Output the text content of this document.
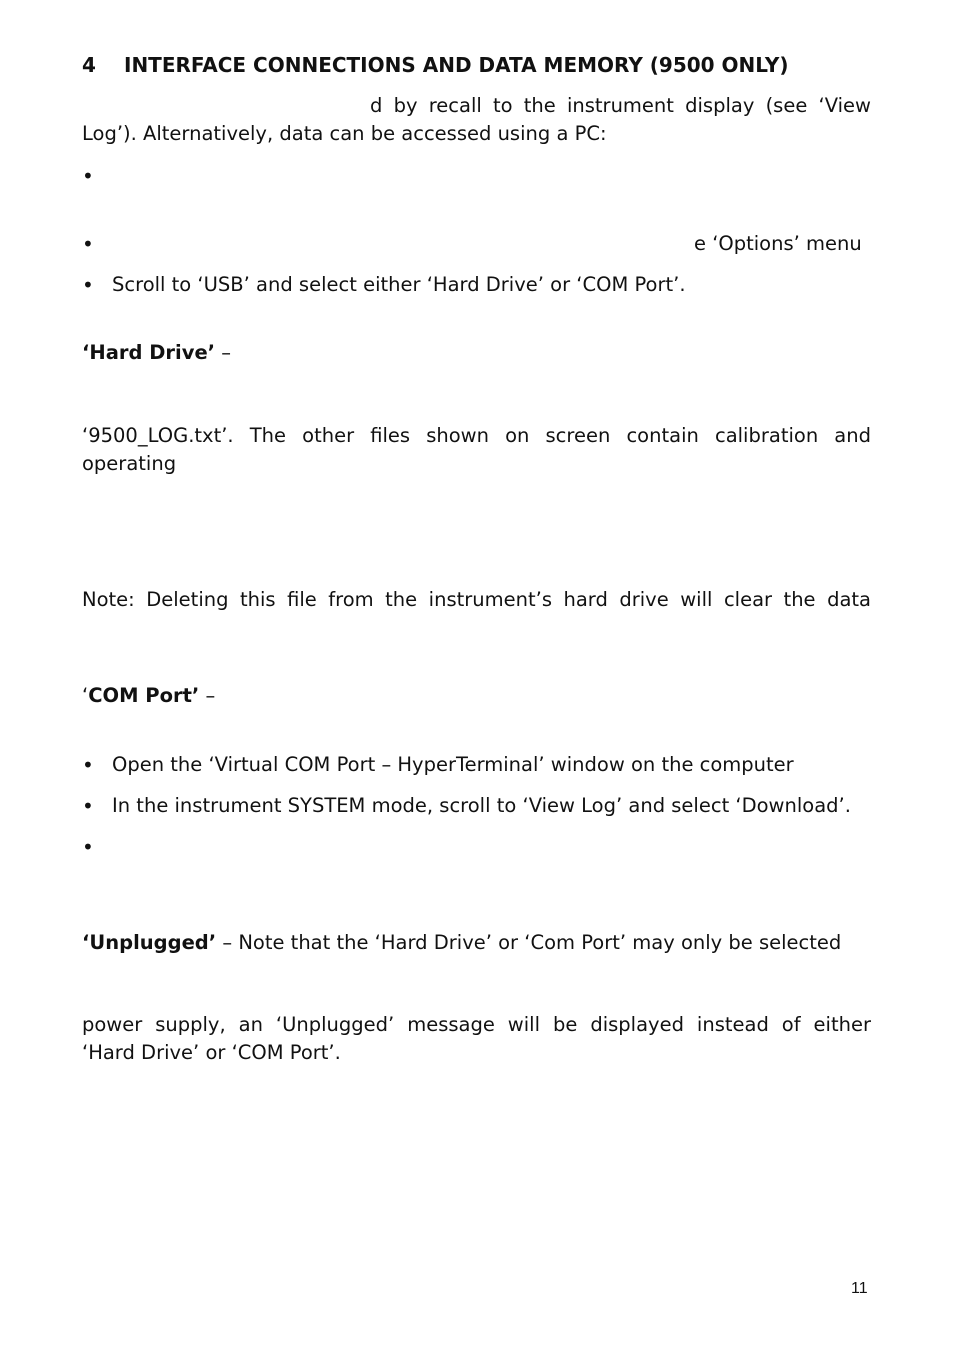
4 INTERFACE CONNECTIONS AND DATA MEMORY (9500 ONLY)
d by recall to the instrument display (see ‘View
Log’). Alternatively, data can be accessed using a PC:
•
•	e ‘Options’ menu
• Scroll to ‘USB’ and select either ‘Hard Drive’ or ‘COM Port’.
‘Hard Drive’ –
‘9500_LOG.txt’. The other files shown on screen contain calibration and operating
Note: Deleting this file from the instrument’s hard drive will clear the data
‘COM Port’ –
• Open the ‘Virtual COM Port – HyperTerminal’ window on the computer
• In the instrument SYSTEM mode, scroll to ‘View Log’ and select ‘Download’.
•
‘Unplugged’ – Note that the ‘Hard Drive’ or ‘Com Port’ may only be selected
power supply, an ‘Unplugged’ message will be displayed instead of either
‘Hard Drive’ or ‘COM Port’.
11
